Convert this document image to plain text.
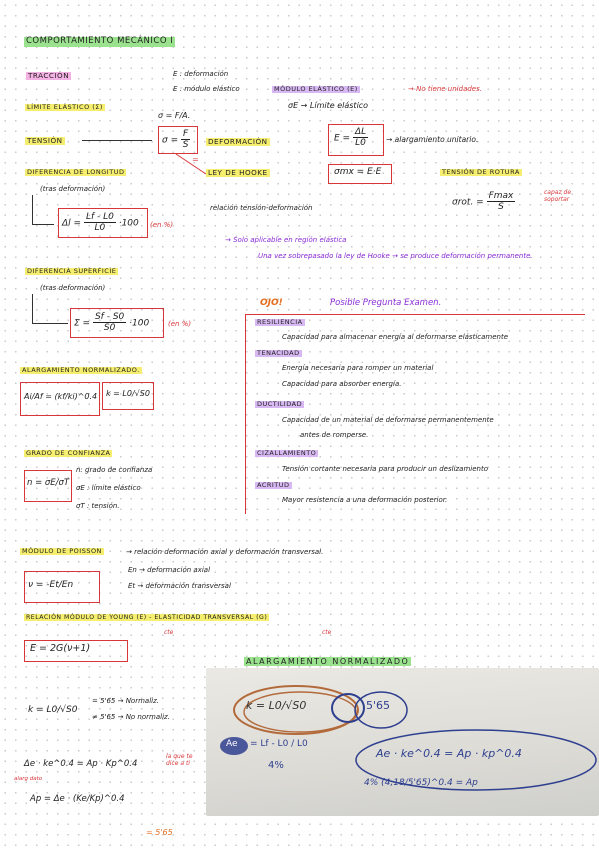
COMPORTAMIENTO MECÁNICO I
TRACCIÓN	E : deformación
E : módulo elástico	MÓDULO ELÁSTICO (E)	→ No tiene unidades.
σE → Límite elástico
LÍMITE ELÁSTICO (Σ)
σ = F/A.
TENSIÓN	$\sigma = \frac{F}{S}$ DEFORMACIÓN	$E = \frac{\Delta L}{L0}$ → alargamiento unitario.
=
LEY DE HOOKE	σmx = E·E
relación tensión-deformación
→ Solo aplicable en región elástica
Una vez sobrepasado la ley de Hooke → se produce deformación permanente.
TENSIÓN DE ROTURA
σrot. = $\frac{Fmax}{S}$	capaz de soportar
DIFERENCIA DE LONGITUD
(tras deformación)
$\Delta l = \frac{Lf - L0}{L0} \cdot 100$ (en %)
DIFERENCIA SUPERFICIE
(tras deformación)
$\Sigma = \frac{Sf - S0}{S0} \cdot 100$	(en %)
OJO!	Posible Pregunta Examen.
RESILIENCIA
Capacidad para almacenar energía al deformarse elásticamente
TENACIDAD
Energía necesaria para romper un material
Capacidad para absorber energía.
DUCTILIDAD
Capacidad de un material de deformarse permanentemente
antes de romperse.
CIZALLAMIENTO
Tensión cortante necesaria para producir un deslizamiento
ACRITUD
Mayor resistencia a una deformación posterior.
ALARGAMIENTO NORMALIZADO.
Ai/Af = (kf/ki)^0.4 k = L0/√S0
GRADO DE CONFIANZA
n = σE/σT
n: grado de confianza
σE : límite elástico
σT : tensión.
MÓDULO DE POISSON	→ relación deformación axial y deformación transversal.
En → deformación axial
Et → deformación transversal
ν = -Et/En
RELACIÓN MÓDULO DE YOUNG (E) - ELASTICIDAD TRANSVERSAL (G)
cte	cte
E = 2G(ν+1)
ALARGAMIENTO NORMALIZADO
k = L0/√S0
= 5'65 → Normaliz.
≠ 5'65 → No normaliz.
Δe · ke^0.4 = Ap · Kp^0.4
alarg dato
la que te dice a ti
Ap = Δe · (Ke/Kp)^0.4
= 5'65
k = L0/√S0	5'65
Ae = Lf - L0 / L0
4%
Ae · ke^0.4 = Ap · kp^0.4
4% (4,18/5'65)^0.4 = Ap
